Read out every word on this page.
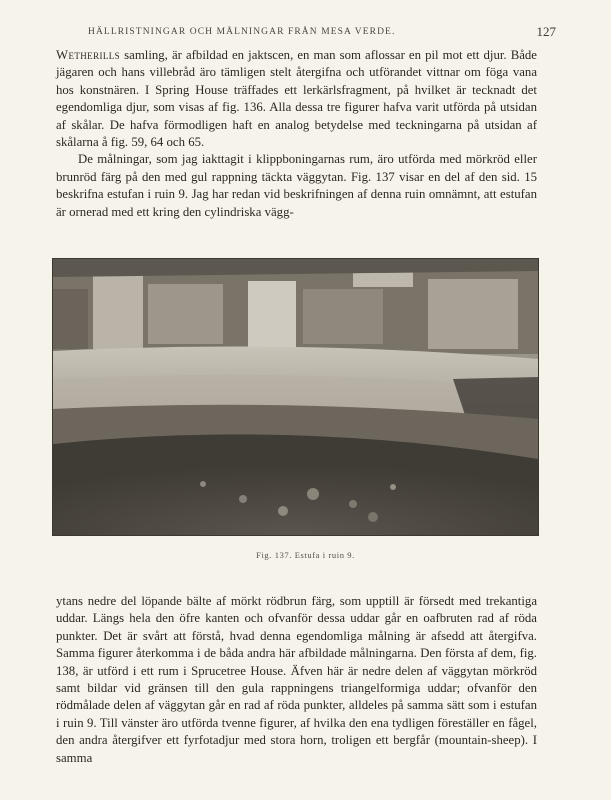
HÄLLRISTNINGAR OCH MÅLNINGAR FRÅN MESA VERDE.	127

Wetherills samling, är afbildad en jaktscen, en man som aflossar en pil mot ett djur. Både jägaren och hans villebråd äro tämligen stelt återgifna och utförandet vittnar om föga vana hos konstnären. I Spring House träffades ett lerkärlsfragment, på hvilket är tecknadt det egendomliga djur, som visas af fig. 136. Alla dessa tre figurer hafva varit utförda på utsidan af skålar. De hafva förmodligen haft en analog betydelse med teckningarna på utsidan af skålarna å fig. 59, 64 och 65.

De målningar, som jag iakttagit i klippboningarnas rum, äro utförda med mörkröd eller brunröd färg på den med gul rappning täckta väggytan. Fig. 137 visar en del af den sid. 15 beskrifna estufan i ruin 9. Jag har redan vid beskrifningen af denna ruin omnämnt, att estufan är ornerad med ett kring den cylindriska vägg-

Fig. 137. Estufa i ruin 9.

ytans nedre del löpande bälte af mörkt rödbrun färg, som upptill är försedt med trekantiga uddar. Längs hela den öfre kanten och ofvanför dessa uddar går en oafbruten rad af röda punkter. Det är svårt att förstå, hvad denna egendomliga målning är afsedd att återgifva. Samma figurer återkomma i de båda andra här afbildade målningarna. Den första af dem, fig. 138, är utförd i ett rum i Sprucetree House. Äfven här är nedre delen af väggytan mörkröd samt bildar vid gränsen till den gula rappningens triangelformiga uddar; ofvanför den rödmålade delen af väggytan går en rad af röda punkter, alldeles på samma sätt som i estufan i ruin 9. Till vänster äro utförda tvenne figurer, af hvilka den ena tydligen föreställer en fågel, den andra återgifver ett fyrfotadjur med stora horn, troligen ett bergfår (mountain-sheep). I samma
